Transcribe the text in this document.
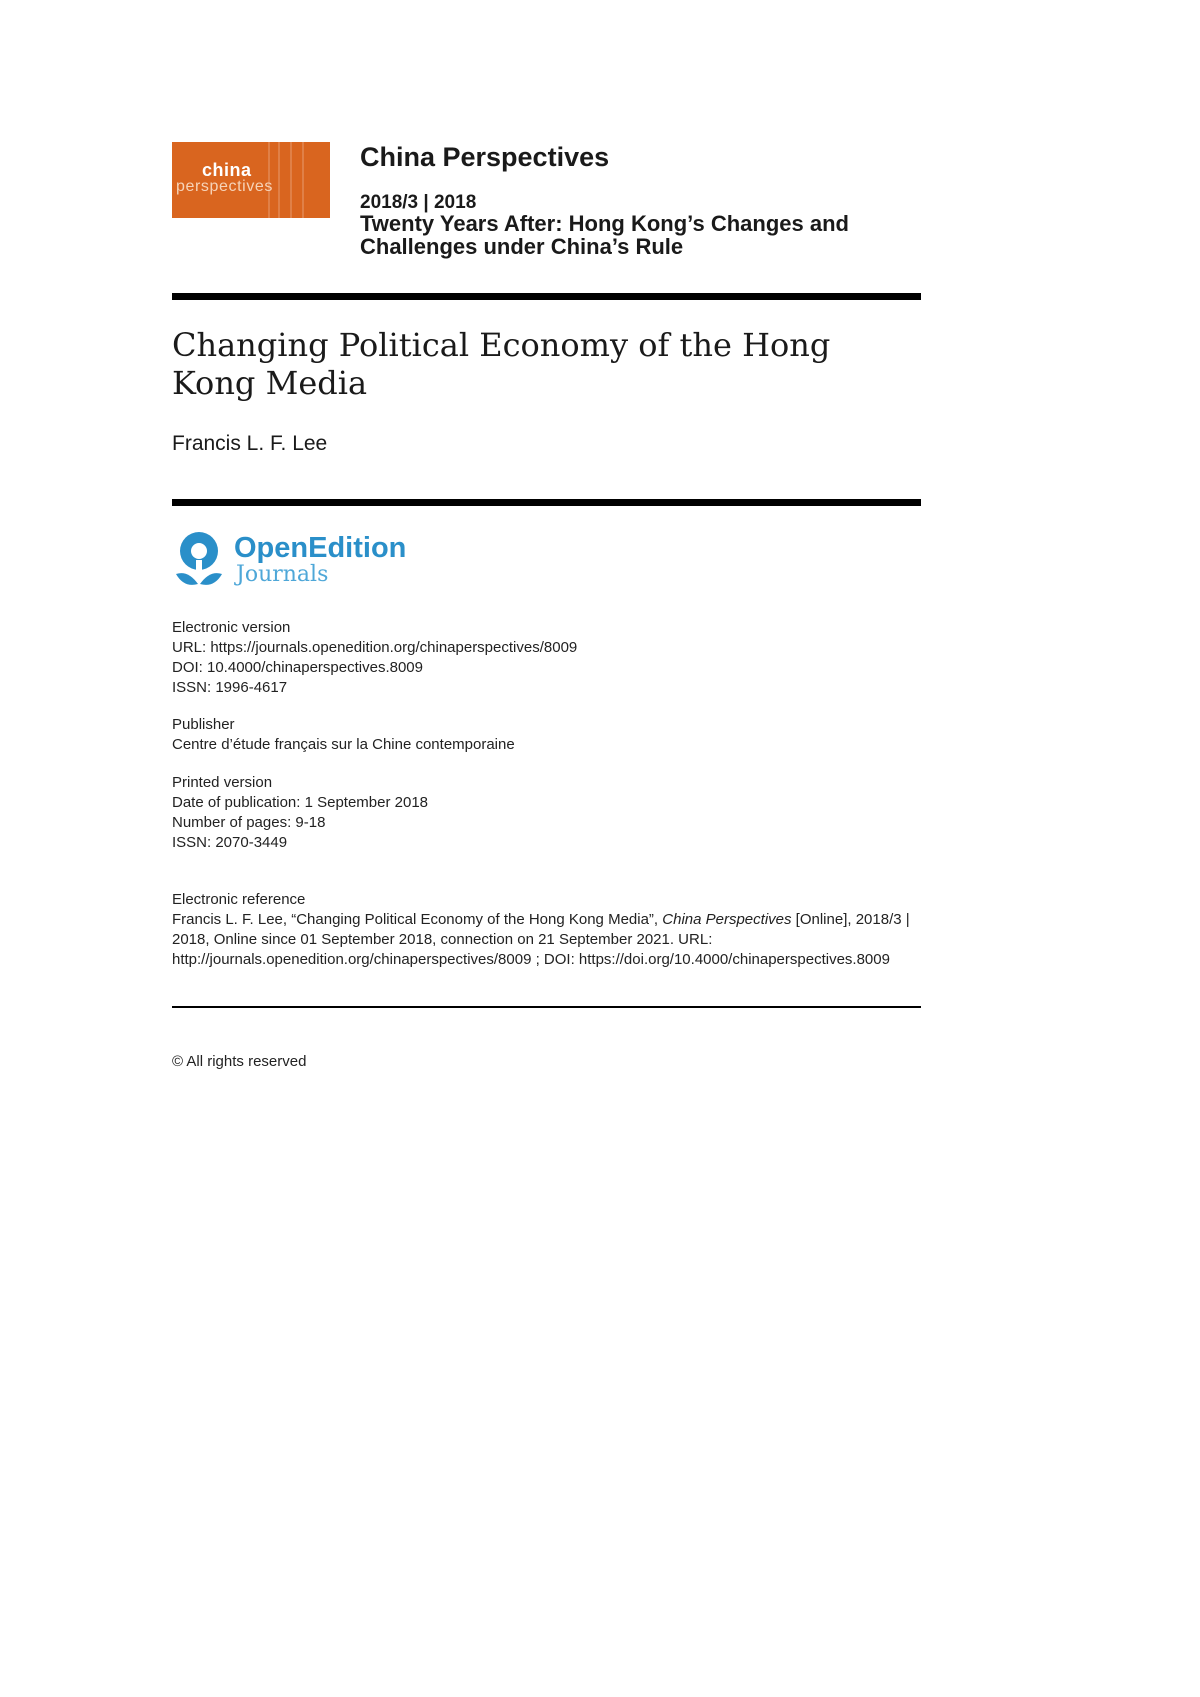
china
perspectives
China Perspectives
2018/3 | 2018
Twenty Years After: Hong Kong’s Changes and Challenges under China’s Rule
Changing Political Economy of the Hong Kong Media
Francis L. F. Lee
OpenEdition
Journals
Electronic version
URL: https://journals.openedition.org/chinaperspectives/8009
DOI: 10.4000/chinaperspectives.8009
ISSN: 1996-4617
Publisher
Centre d’étude français sur la Chine contemporaine
Printed version
Date of publication: 1 September 2018
Number of pages: 9-18
ISSN: 2070-3449
Electronic reference
Francis L. F. Lee, “Changing Political Economy of the Hong Kong Media”, China Perspectives [Online], 2018/3 | 2018, Online since 01 September 2018, connection on 21 September 2021. URL: http://journals.openedition.org/chinaperspectives/8009 ; DOI: https://doi.org/10.4000/chinaperspectives.8009
© All rights reserved
